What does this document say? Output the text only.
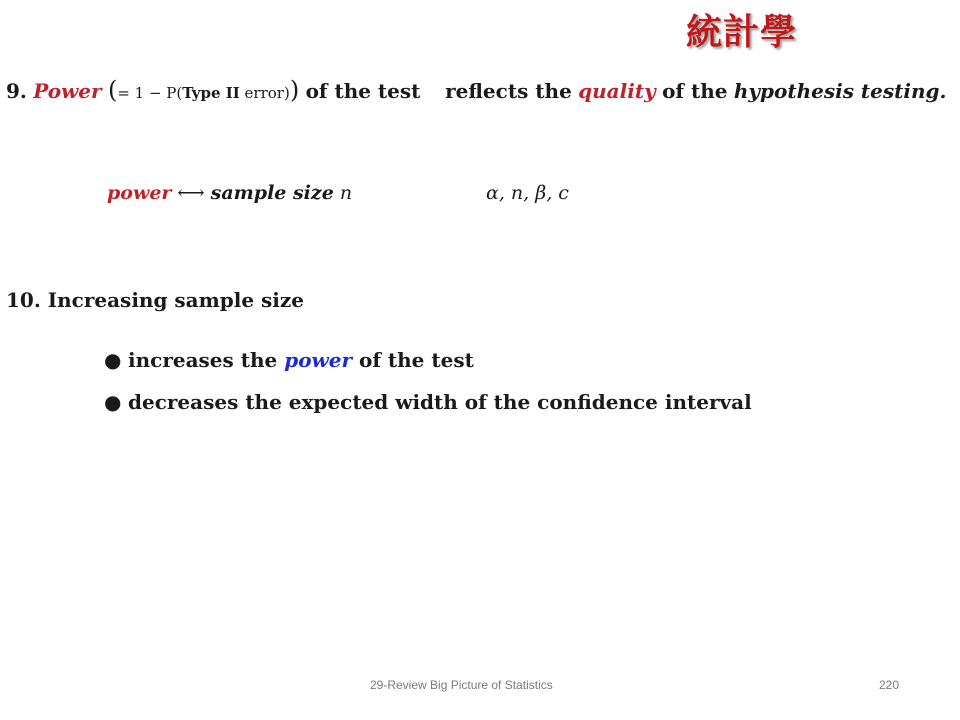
統計學
9. Power (= 1 − P(Type II error)) of the test reflects the quality of the hypothesis testing.
power ⟷ sample size n	α, n, β, c
10. Increasing sample size
● increases the power of the test
● decreases the expected width of the confidence interval
29-Review Big Picture of Statistics	220
